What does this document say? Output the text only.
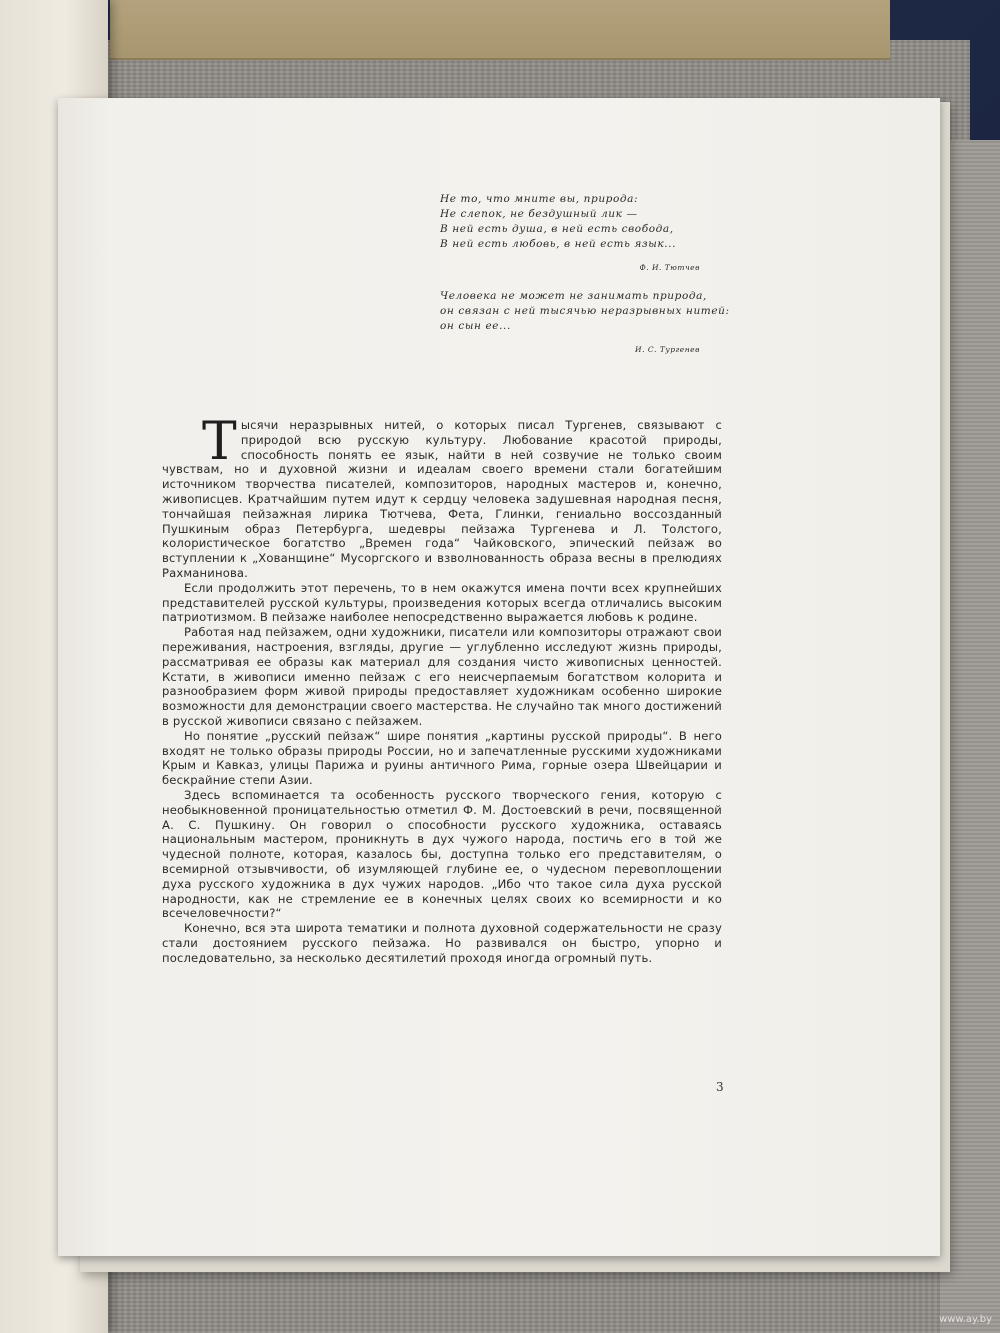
Не то, что мните вы, природа:
Не слепок, не бездушный лик —
В ней есть душа, в ней есть свобода,
В ней есть любовь, в ней есть язык...
Ф. И. Тютчев
Человека не может не занимать природа,
он связан с ней тысячью неразрывных нитей:
он сын ее...
И. С. Тургенев

Тысячи неразрывных нитей, о которых писал Тургенев, связывают с природой всю русскую культуру. Любование красотой природы, способность понять ее язык, найти в ней созвучие не только своим чувствам, но и духовной жизни и идеалам своего времени стали богатейшим источником творчества писателей, композиторов, народных мастеров и, конечно, живописцев. Кратчайшим путем идут к сердцу человека задушевная народная песня, тончайшая пейзажная лирика Тютчева, Фета, Глинки, гениально воссозданный Пушкиным образ Петербурга, шедевры пейзажа Тургенева и Л. Толстого, колористическое богатство „Времен года“ Чайковского, эпический пейзаж во вступлении к „Хованщине“ Мусоргского и взволнованность образа весны в прелюдиях Рахманинова.

Если продолжить этот перечень, то в нем окажутся имена почти всех крупнейших представителей русской культуры, произведения которых всегда отличались высоким патриотизмом. В пейзаже наиболее непосредственно выражается любовь к родине.

Работая над пейзажем, одни художники, писатели или композиторы отражают свои переживания, настроения, взгляды, другие — углубленно исследуют жизнь природы, рассматривая ее образы как материал для создания чисто живописных ценностей. Кстати, в живописи именно пейзаж с его неисчерпаемым богатством колорита и разнообразием форм живой природы предоставляет художникам особенно широкие возможности для демонстрации своего мастерства. Не случайно так много достижений в русской живописи связано с пейзажем.

Но понятие „русский пейзаж“ шире понятия „картины русской природы“. В него входят не только образы природы России, но и запечатленные русскими художниками Крым и Кавказ, улицы Парижа и руины античного Рима, горные озера Швейцарии и бескрайние степи Азии.

Здесь вспоминается та особенность русского творческого гения, которую с необыкновенной проницательностью отметил Ф. М. Достоевский в речи, посвященной А. С. Пушкину. Он говорил о способности русского художника, оставаясь национальным мастером, проникнуть в дух чужого народа, постичь его в той же чудесной полноте, которая, казалось бы, доступна только его представителям, о всемирной отзывчивости, об изумляющей глубине ее, о чудесном перевоплощении духа русского художника в дух чужих народов. „Ибо что такое сила духа русской народности, как не стремление ее в конечных целях своих ко всемирности и ко всечеловечности?“

Конечно, вся эта широта тематики и полнота духовной содержательности не сразу стали достоянием русского пейзажа. Но развивался он быстро, упорно и последовательно, за несколько десятилетий проходя иногда огромный путь.

3
www.ay.by
